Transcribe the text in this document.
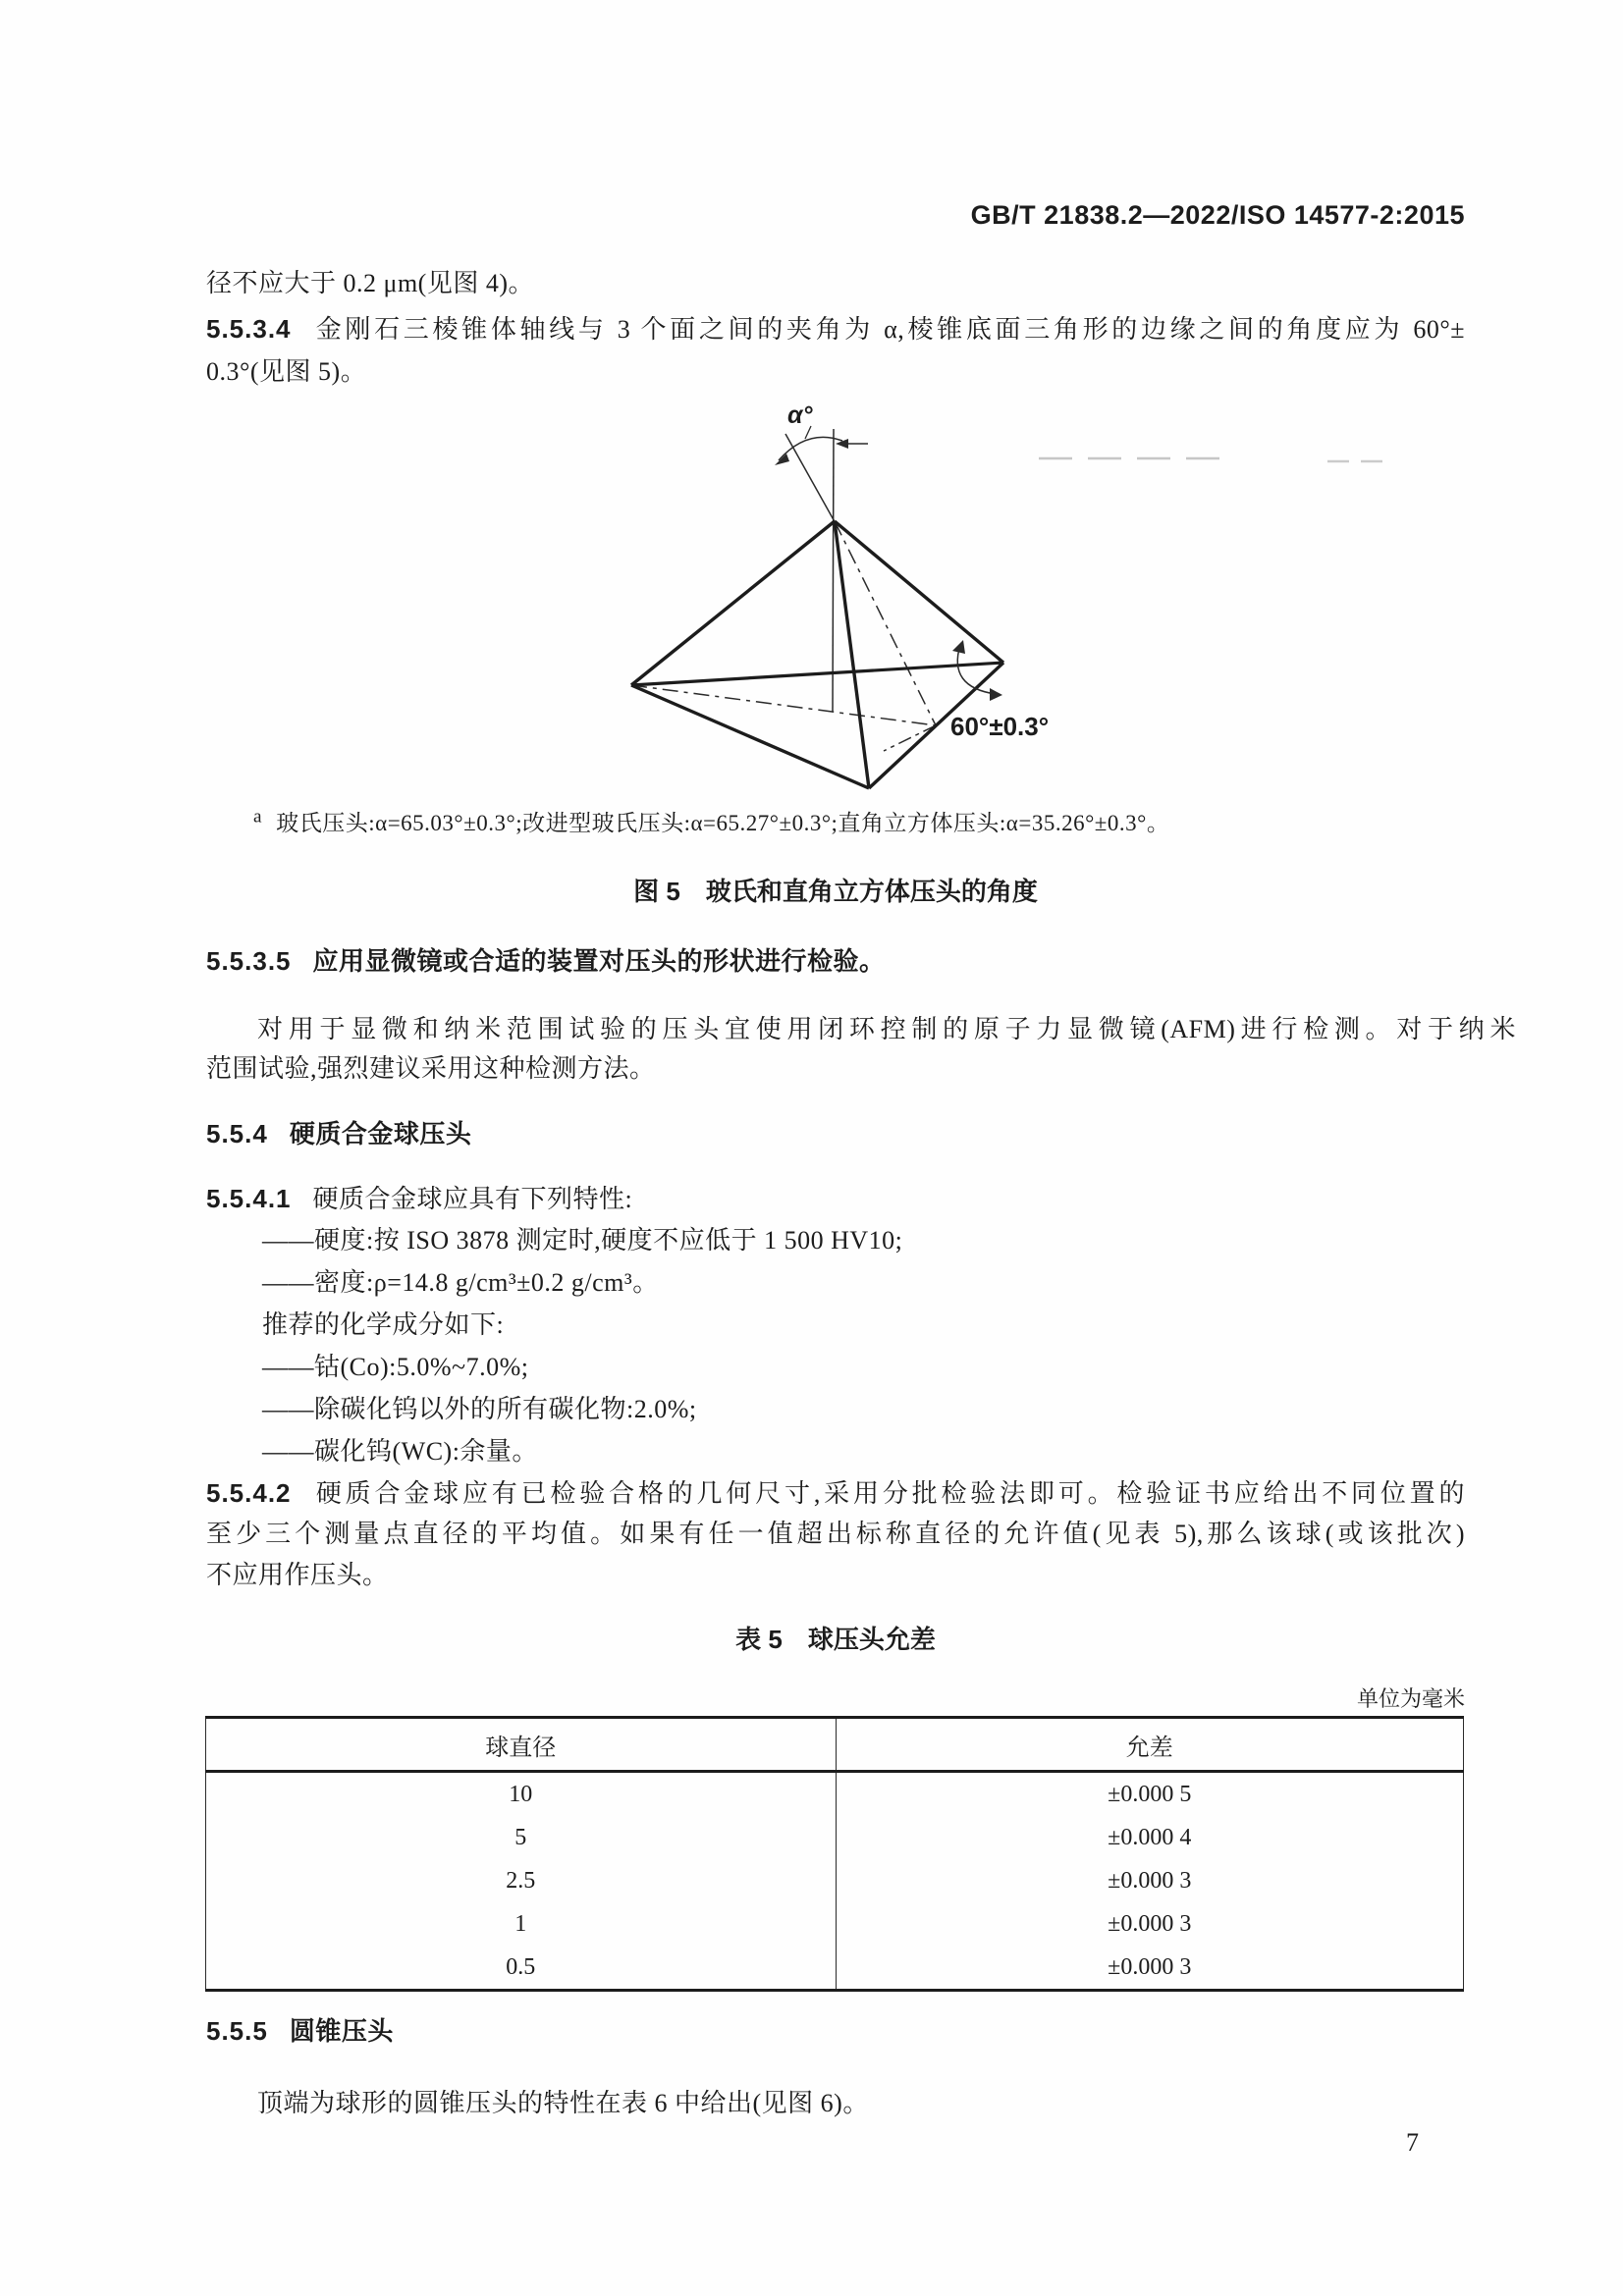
GB/T 21838.2—2022/ISO 14577-2:2015
径不应大于 0.2 μm(见图 4)。
5.5.3.4 金刚石三棱锥体轴线与 3 个面之间的夹角为 α,棱锥底面三角形的边缘之间的角度应为 60°±
0.3°(见图 5)。
α°
60°±0.3°
$^a$ 玻氏压头:α=65.03°±0.3°;改进型玻氏压头:α=65.27°±0.3°;直角立方体压头:α=35.26°±0.3°。
图 5 玻氏和直角立方体压头的角度
5.5.3.5 应用显微镜或合适的装置对压头的形状进行检验。
对用于显微和纳米范围试验的压头宜使用闭环控制的原子力显微镜(AFM)进行检测。对于纳米
范围试验,强烈建议采用这种检测方法。
5.5.4 硬质合金球压头
5.5.4.1 硬质合金球应具有下列特性:
——硬度:按 ISO 3878 测定时,硬度不应低于 1 500 HV10;
——密度:ρ=14.8 g/cm³±0.2 g/cm³。
推荐的化学成分如下:
——钴(Co):5.0%~7.0%;
——除碳化钨以外的所有碳化物:2.0%;
——碳化钨(WC):余量。
5.5.4.2 硬质合金球应有已检验合格的几何尺寸,采用分批检验法即可。检验证书应给出不同位置的
至少三个测量点直径的平均值。如果有任一值超出标称直径的允许值(见表 5),那么该球(或该批次)
不应用作压头。
表 5 球压头允差
单位为毫米
球直径	允差
10	±0.000 5
5	±0.000 4
2.5	±0.000 3
1	±0.000 3
0.5	±0.000 3
5.5.5 圆锥压头
顶端为球形的圆锥压头的特性在表 6 中给出(见图 6)。
7
